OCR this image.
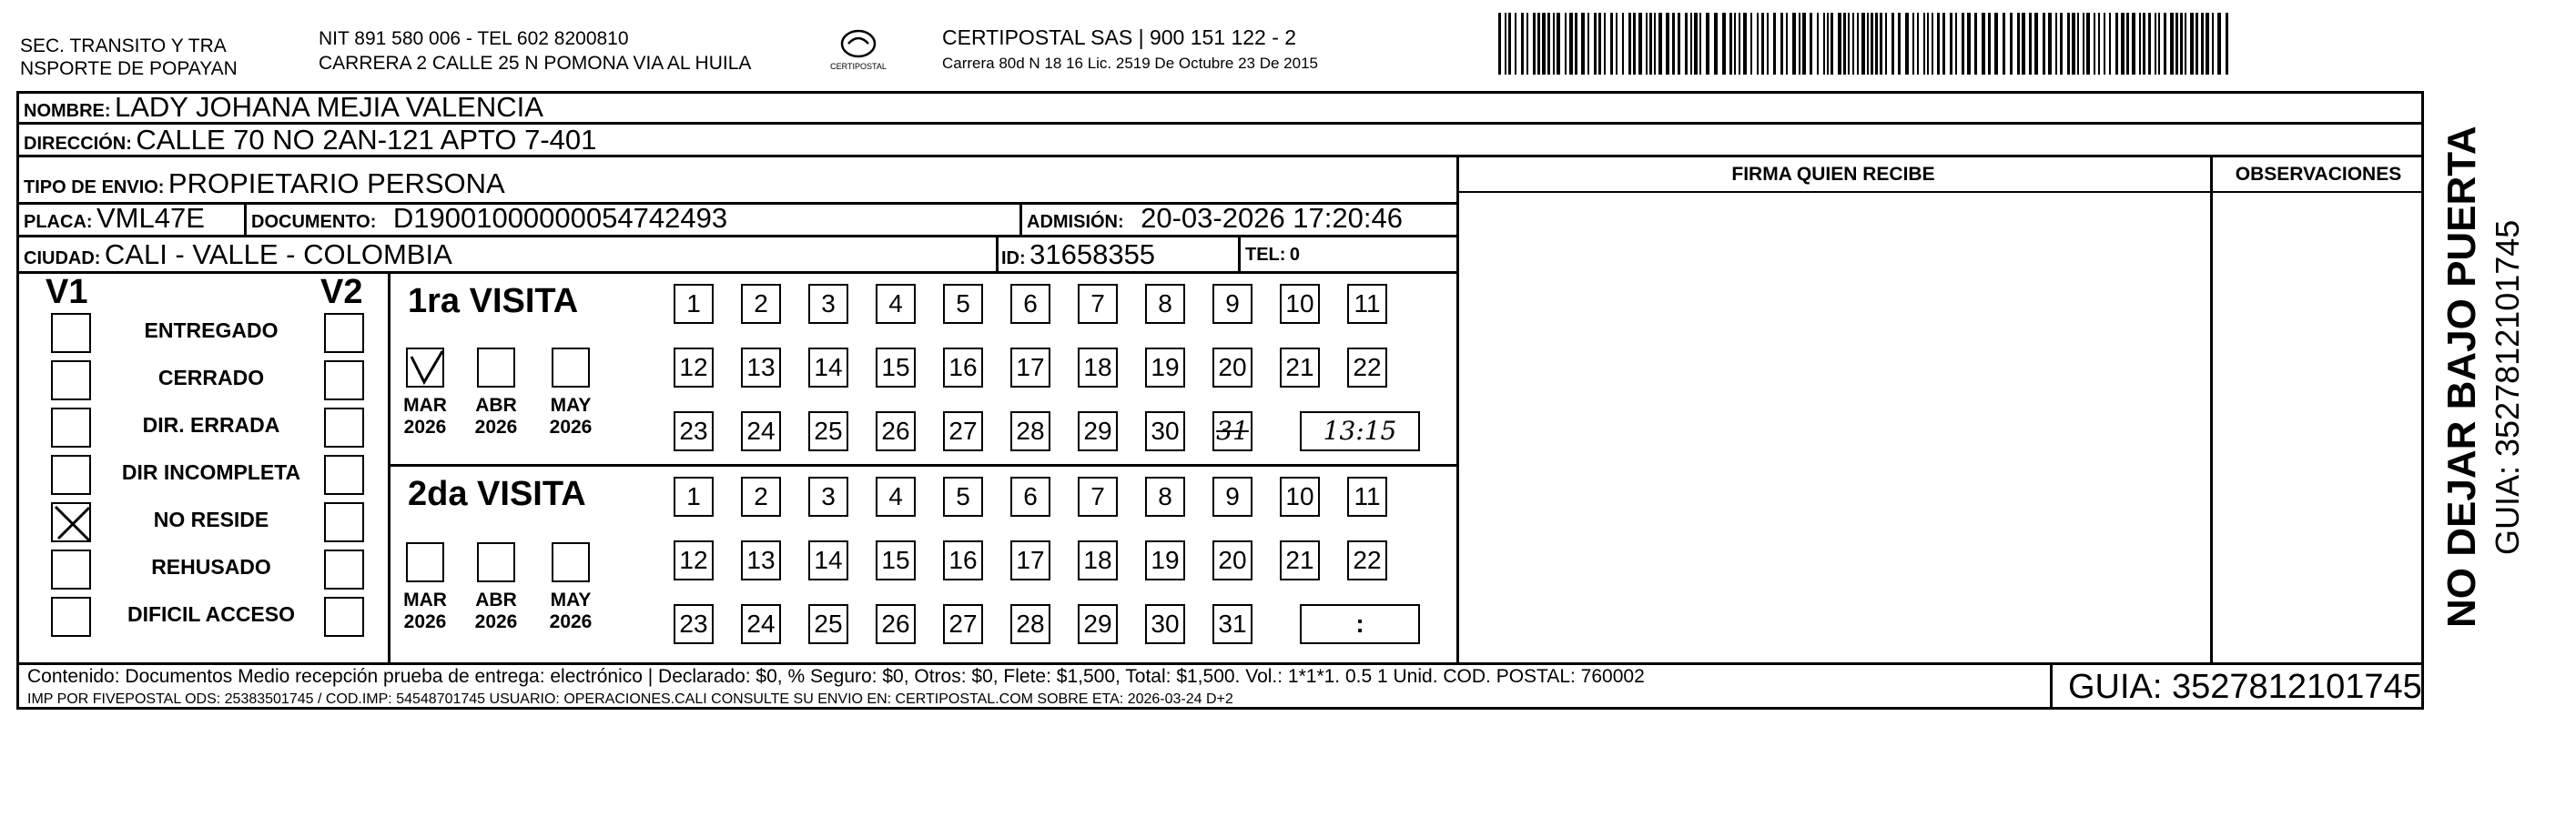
SEC. TRANSITO Y TRA
NSPORTE DE POPAYAN
NIT 891 580 006 - TEL 602 8200810
CARRERA 2 CALLE 25 N POMONA VIA AL HUILA	CERTIPOSTAL
CERTIPOSTAL SAS | 900 151 122 - 2
Carrera 80d N 18 16 Lic. 2519 De Octubre 23 De 2015
NOMBRE: LADY JOHANA MEJIA VALENCIA
DIRECCIÓN: CALLE 70 NO 2AN-121 APTO 7-401
TIPO DE ENVIO: PROPIETARIO PERSONA	FIRMA QUIEN RECIBE	OBSERVACIONES
PLACA: VML47E	DOCUMENTO: D19001000000054742493	ADMISIÓN: 20-03-2026 17:20:46
CIUDAD: CALI - VALLE - COLOMBIA	ID: 31658355	TEL: 0
V1	V2
ENTREGADO
CERRADO
DIR. ERRADA
DIR INCOMPLETA
NO RESIDE
REHUSADO
DIFICIL ACCESO
1ra VISITA
MAR
2026
ABR
2026
MAY
2026
1	2	3	4	5	6	7	8	9	10 11
12 13 14 15 16 17 18 19 20 21 22
23 24 25 26 27 28 29 30 31	13:15
2da VISITA
MAR
2026
ABR
2026
MAY
2026
1	2	3	4	5	6	7	8	9	10 11
12 13 14 15 16 17 18 19 20 21 22
23 24 25 26 27 28 29 30 31	:
Contenido: Documentos Medio recepción prueba de entrega: electrónico | Declarado: $0, % Seguro: $0, Otros: $0, Flete: $1,500, Total: $1,500. Vol.: 1*1*1. 0.5 1 Unid. COD. POSTAL: 760002
IMP POR FIVEPOSTAL ODS: 25383501745 / COD.IMP: 54548701745 USUARIO: OPERACIONES.CALI CONSULTE SU ENVIO EN: CERTIPOSTAL.COM SOBRE ETA: 2026-03-24 D+2	GUIA: 3527812101745
NO DEJAR BAJO PUERTA GUIA: 3527812101745
